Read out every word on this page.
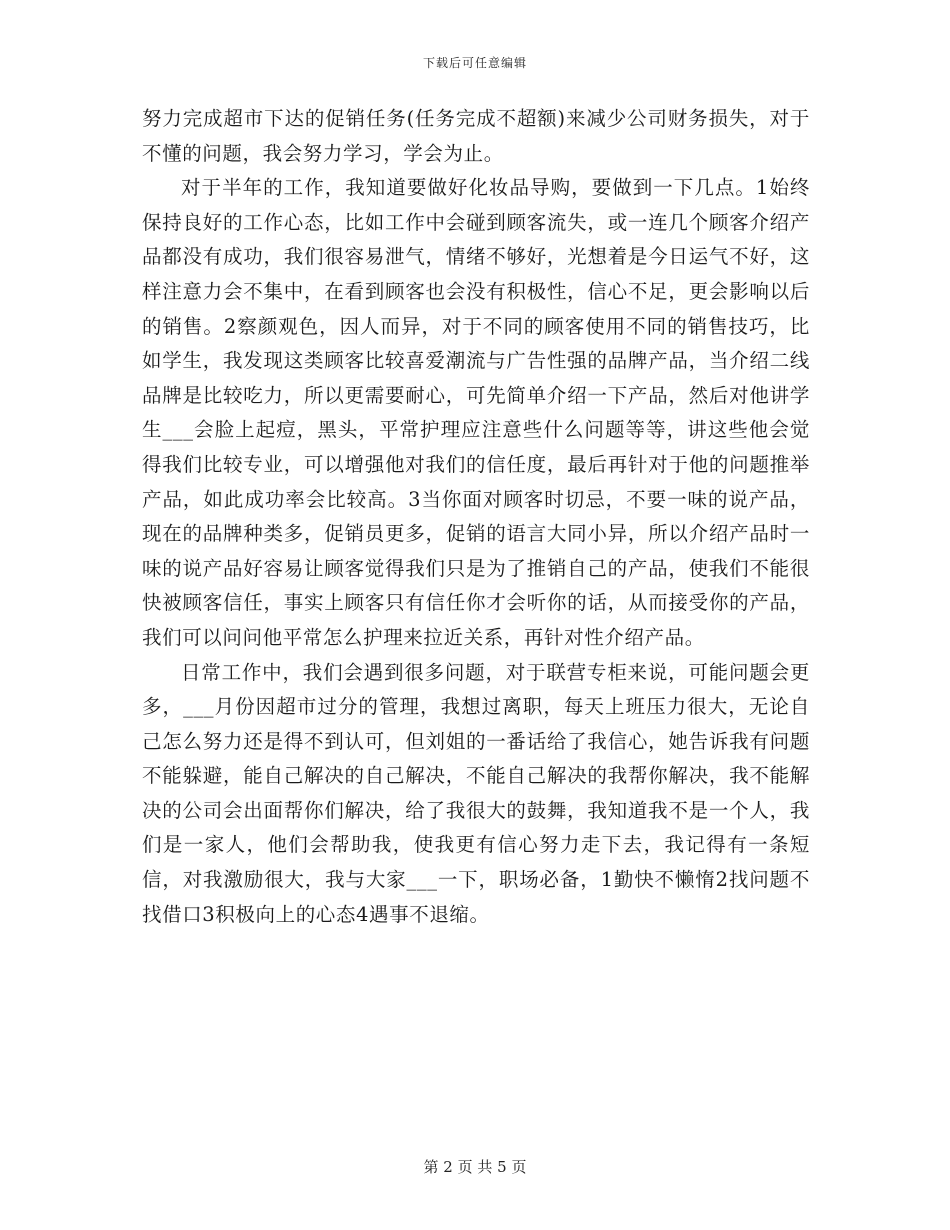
下载后可任意编辑

努力完成超市下达的促销任务(任务完成不超额)来减少公司财务损失，对于不懂的问题，我会努力学习，学会为止。

对于半年的工作，我知道要做好化妆品导购，要做到一下几点。1始终保持良好的工作心态，比如工作中会碰到顾客流失，或一连几个顾客介绍产品都没有成功，我们很容易泄气，情绪不够好，光想着是今日运气不好，这样注意力会不集中，在看到顾客也会没有积极性，信心不足，更会影响以后的销售。2察颜观色，因人而异，对于不同的顾客使用不同的销售技巧，比如学生，我发现这类顾客比较喜爱潮流与广告性强的品牌产品，当介绍二线品牌是比较吃力，所以更需要耐心，可先简单介绍一下产品，然后对他讲学生___会脸上起痘，黑头，平常护理应注意些什么问题等等，讲这些他会觉得我们比较专业，可以增强他对我们的信任度，最后再针对于他的问题推举产品，如此成功率会比较高。3当你面对顾客时切忌，不要一味的说产品，现在的品牌种类多，促销员更多，促销的语言大同小异，所以介绍产品时一味的说产品好容易让顾客觉得我们只是为了推销自己的产品，使我们不能很快被顾客信任，事实上顾客只有信任你才会听你的话，从而接受你的产品，我们可以问问他平常怎么护理来拉近关系，再针对性介绍产品。

日常工作中，我们会遇到很多问题，对于联营专柜来说，可能问题会更多，___月份因超市过分的管理，我想过离职，每天上班压力很大，无论自己怎么努力还是得不到认可，但刘姐的一番话给了我信心，她告诉我有问题不能躲避，能自己解决的自己解决，不能自己解决的我帮你解决，我不能解决的公司会出面帮你们解决，给了我很大的鼓舞，我知道我不是一个人，我们是一家人，他们会帮助我，使我更有信心努力走下去，我记得有一条短信，对我激励很大，我与大家___一下，职场必备，1勤快不懒惰2找问题不找借口3积极向上的心态4遇事不退缩。

第 2 页 共 5 页
